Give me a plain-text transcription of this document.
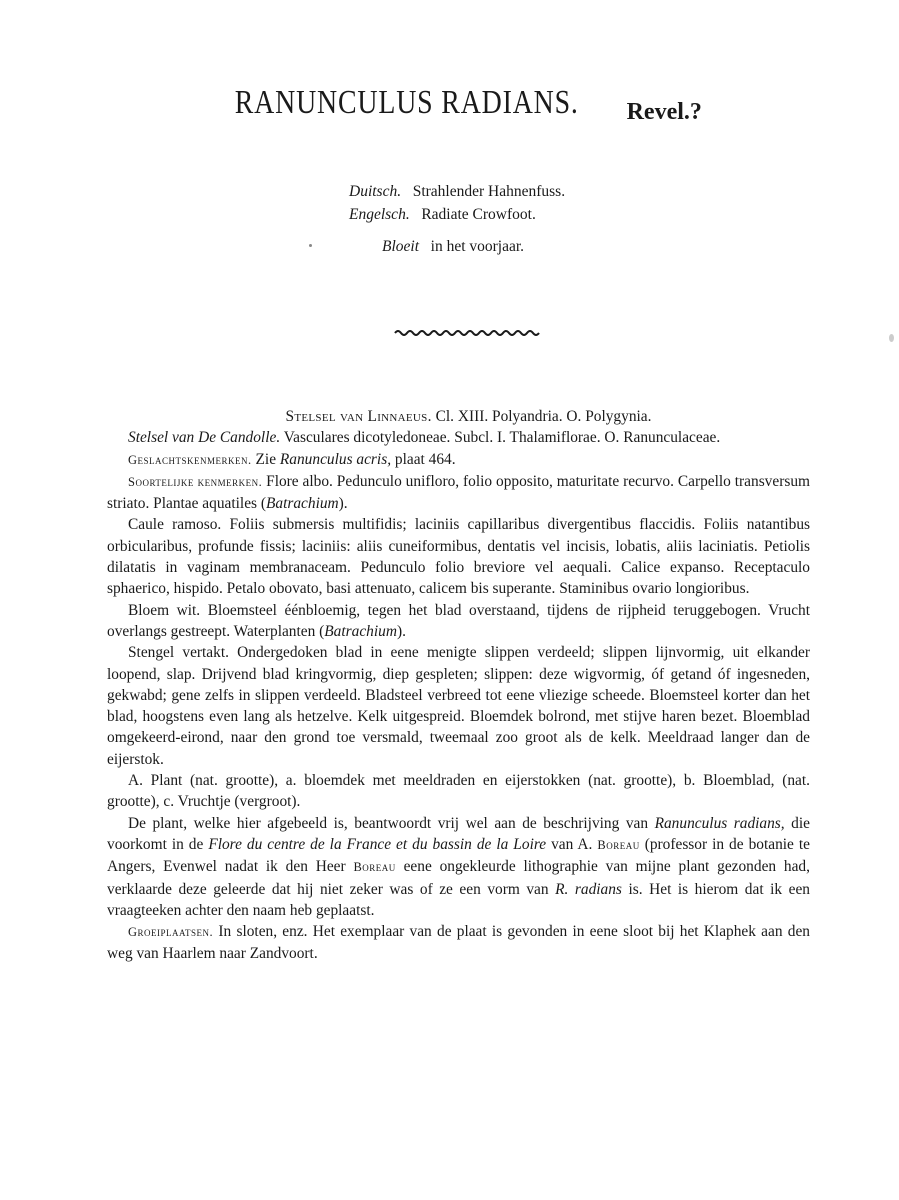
RANUNCULUS RADIANS. Revel.?
Duitsch. Strahlender Hahnenfuss.
Engelsch. Radiate Crowfoot.
Bloeit in het voorjaar.

Stelsel van Linnaeus. Cl. XIII. Polyandria. O. Polygynia.

Stelsel van De Candolle. Vasculares dicotyledoneae. Subcl. I. Thalamiflorae. O. Ranunculaceae.

Geslachtskenmerken. Zie Ranunculus acris, plaat 464.

Soortelijke kenmerken. Flore albo. Pedunculo unifloro, folio opposito, maturitate recurvo. Carpello transversum striato. Plantae aquatiles (Batrachium).

Caule ramoso. Foliis submersis multifidis; laciniis capillaribus divergentibus flaccidis. Foliis natantibus orbicularibus, profunde fissis; laciniis: aliis cuneiformibus, dentatis vel incisis, lobatis, aliis laciniatis. Petiolis dilatatis in vaginam membranaceam. Pedunculo folio breviore vel aequali. Calice expanso. Receptaculo sphaerico, hispido. Petalo obovato, basi attenuato, calicem bis superante. Staminibus ovario longioribus.

Bloem wit. Bloemsteel éénbloemig, tegen het blad overstaand, tijdens de rijpheid teruggebogen. Vrucht overlangs gestreept. Waterplanten (Batrachium).

Stengel vertakt. Ondergedoken blad in eene menigte slippen verdeeld; slippen lijnvormig, uit elkander loopend, slap. Drijvend blad kringvormig, diep gespleten; slippen: deze wigvormig, óf getand óf ingesneden, gekwabd; gene zelfs in slippen verdeeld. Bladsteel verbreed tot eene vliezige scheede. Bloemsteel korter dan het blad, hoogstens even lang als hetzelve. Kelk uitgespreid. Bloemdek bolrond, met stijve haren bezet. Bloemblad omgekeerd-eirond, naar den grond toe versmald, tweemaal zoo groot als de kelk. Meeldraad langer dan de eijerstok.

A. Plant (nat. grootte), a. bloemdek met meeldraden en eijerstokken (nat. grootte), b. Bloemblad, (nat. grootte), c. Vruchtje (vergroot).

De plant, welke hier afgebeeld is, beantwoordt vrij wel aan de beschrijving van Ranunculus radians, die voorkomt in de Flore du centre de la France et du bassin de la Loire van A. Boreau (professor in de botanie te Angers, Evenwel nadat ik den Heer Boreau eene ongekleurde lithographie van mijne plant gezonden had, verklaarde deze geleerde dat hij niet zeker was of ze een vorm van R. radians is. Het is hierom dat ik een vraagteeken achter den naam heb geplaatst.

Groeiplaatsen. In sloten, enz. Het exemplaar van de plaat is gevonden in eene sloot bij het Klaphek aan den weg van Haarlem naar Zandvoort.
